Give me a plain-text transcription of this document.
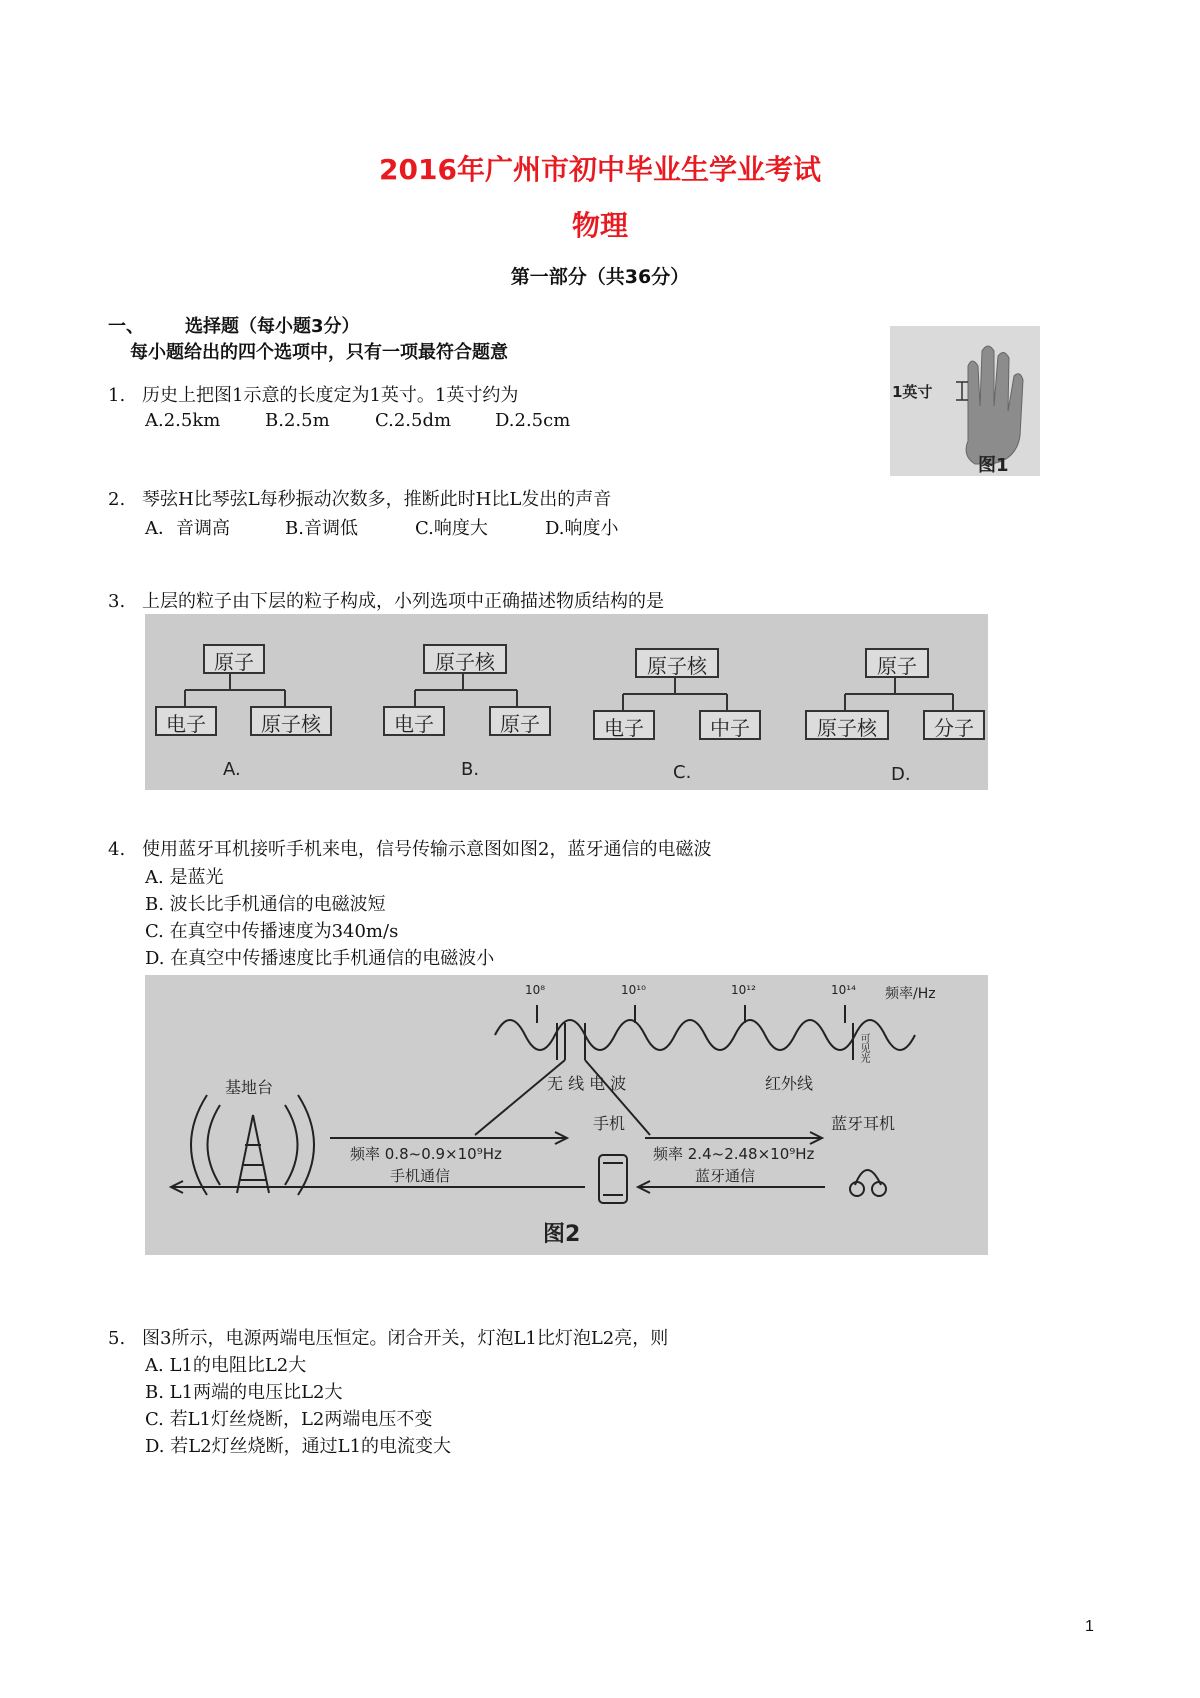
2016年广州市初中毕业生学业考试
物理
第一部分（共36分）
一、 选择题（每小题3分）
每小题给出的四个选项中，只有一项最符合题意
1. 历史上把图1示意的长度定为1英寸。1英寸约为
A.2.5km B.2.5m	C.2.5dm D.2.5cm
1英寸
图1
2. 琴弦H比琴弦L每秒振动次数多，推断此时H比L发出的声音
A．音调高	B.音调低	C.响度大	D.响度小
3. 上层的粒子由下层的粒子构成，小列选项中正确描述物质结构的是
原子
电子	原子核
A.
原子核
电子	原子
B.
原子核
电子	中子
C.
原子
原子核	分子
D.
4. 使用蓝牙耳机接听手机来电，信号传输示意图如图2，蓝牙通信的电磁波
A. 是蓝光
B. 波长比手机通信的电磁波短
C. 在真空中传播速度为340m/s
D. 在真空中传播速度比手机通信的电磁波小
10⁸	10¹⁰	10¹²	10¹⁴ 频率/Hz
无 线 电 波	红外线
可见光
基地台
手机	蓝牙耳机
频率 0.8~0.9×10⁹Hz
手机通信
频率 2.4~2.48×10⁹Hz
蓝牙通信
图2
5. 图3所示，电源两端电压恒定。闭合开关，灯泡L1比灯泡L2亮，则
A. L1的电阻比L2大
B. L1两端的电压比L2大
C. 若L1灯丝烧断，L2两端电压不变
D. 若L2灯丝烧断，通过L1的电流变大
1
